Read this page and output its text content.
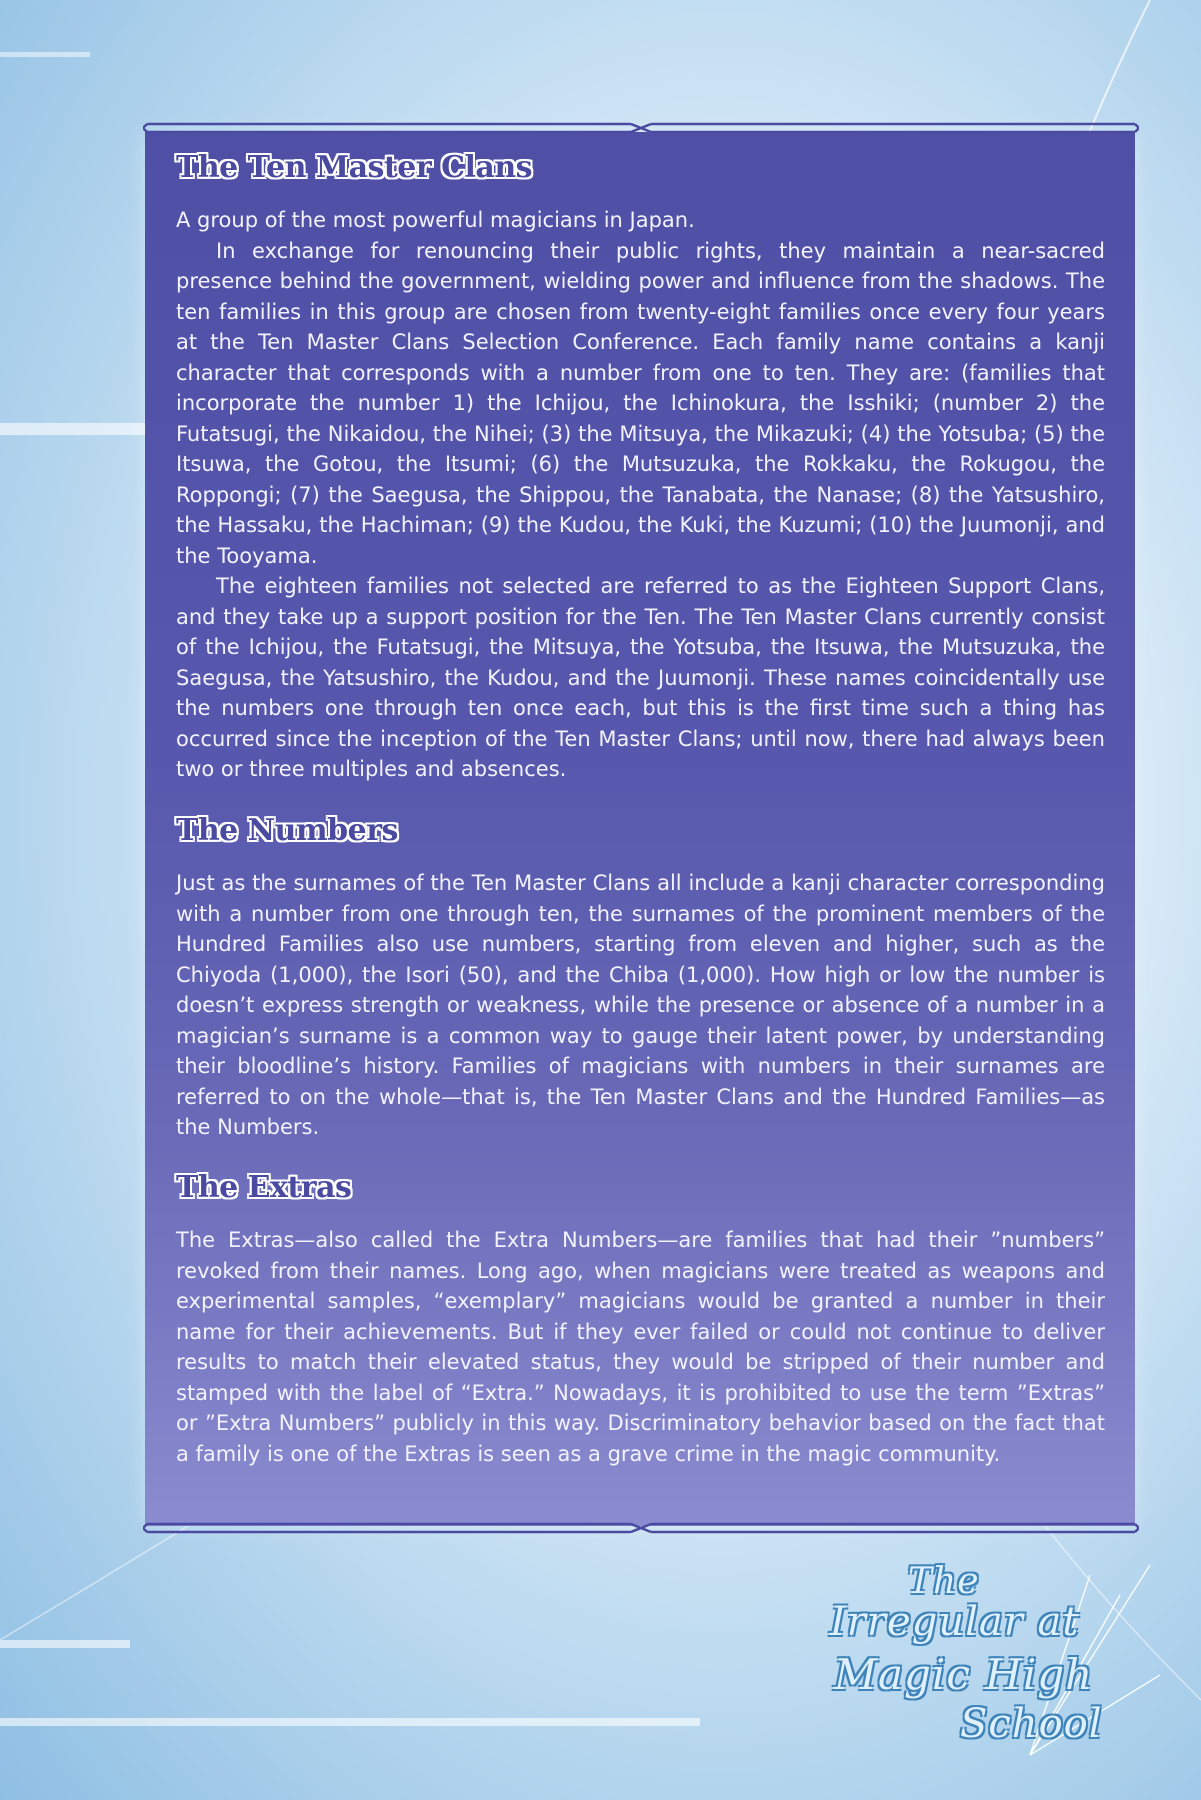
The Ten Master Clans

A group of the most powerful magicians in Japan.

In exchange for renouncing their public rights, they maintain a near-sacred presence behind the government, wielding power and influence from the shadows. The ten families in this group are chosen from twenty-eight families once every four years at the Ten Master Clans Selection Conference. Each family name contains a kanji character that corresponds with a number from one to ten. They are: (families that incorporate the number 1) the Ichijou, the Ichinokura, the Isshiki; (number 2) the Futatsugi, the Nikaidou, the Nihei; (3) the Mitsuya, the Mikazuki; (4) the Yotsuba; (5) the Itsuwa, the Gotou, the Itsumi; (6) the Mutsuzuka, the Rokkaku, the Rokugou, the Roppongi; (7) the Saegusa, the Shippou, the Tanabata, the Nanase; (8) the Yatsushiro, the Hassaku, the Hachiman; (9) the Kudou, the Kuki, the Kuzumi; (10) the Juumonji, and the Tooyama.

The eighteen families not selected are referred to as the Eighteen Support Clans, and they take up a support position for the Ten. The Ten Master Clans currently consist of the Ichijou, the Futatsugi, the Mitsuya, the Yotsuba, the Itsuwa, the Mutsuzuka, the Saegusa, the Yatsushiro, the Kudou, and the Juumonji. These names coincidentally use the numbers one through ten once each, but this is the first time such a thing has occurred since the inception of the Ten Master Clans; until now, there had always been two or three multiples and absences.

The Numbers

Just as the surnames of the Ten Master Clans all include a kanji character corresponding with a number from one through ten, the surnames of the prominent members of the Hundred Families also use numbers, starting from eleven and higher, such as the Chiyoda (1,000), the Isori (50), and the Chiba (1,000). How high or low the number is doesn’t express strength or weakness, while the presence or absence of a number in a magician’s surname is a common way to gauge their latent power, by understanding their bloodline’s history. Families of magicians with numbers in their surnames are referred to on the whole—that is, the Ten Master Clans and the Hundred Families—as the Numbers.

The Extras

The Extras—also called the Extra Numbers—are families that had their ”numbers” revoked from their names. Long ago, when magicians were treated as weapons and experimental samples, “exemplary” magicians would be granted a number in their name for their achievements. But if they ever failed or could not continue to deliver results to match their elevated status, they would be stripped of their number and stamped with the label of “Extra.” Nowadays, it is prohibited to use the term ”Extras” or ”Extra Numbers” publicly in this way. Discriminatory behavior based on the fact that a family is one of the Extras is seen as a grave crime in the magic community.

The
Irregular at
Magic High
School
